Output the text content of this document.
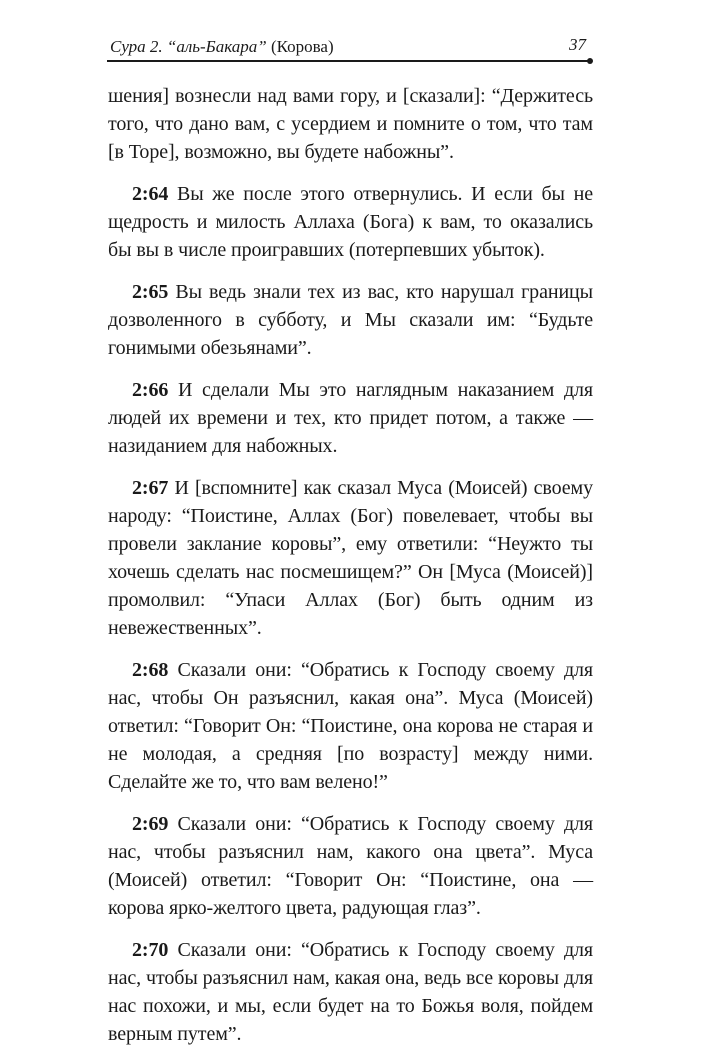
Сура 2. “аль-Бакара” (Корова)	37

шения] вознесли над вами гору, и [сказали]: “Держитесь того, что дано вам, с усердием и помните о том, что там [в Торе], возможно, вы будете набожны”.

2:64 Вы же после этого отвернулись. И если бы не щедрость и милость Аллаха (Бога) к вам, то оказались бы вы в числе проигравших (потерпевших убыток).

2:65 Вы ведь знали тех из вас, кто нарушал границы дозволенного в субботу, и Мы сказали им: “Будьте гонимыми обезьянами”.

2:66 И сделали Мы это наглядным наказанием для людей их времени и тех, кто придет потом, а также — назиданием для набожных.

2:67 И [вспомните] как сказал Муса (Моисей) своему народу: “Поистине, Аллах (Бог) повелевает, чтобы вы провели заклание коровы”, ему ответили: “Неужто ты хочешь сделать нас посмешищем?” Он [Муса (Моисей)] промолвил: “Упаси Аллах (Бог) быть одним из невежественных”.

2:68 Сказали они: “Обратись к Господу своему для нас, чтобы Он разъяснил, какая она”. Муса (Моисей) ответил: “Говорит Он: “Поистине, она корова не старая и не молодая, а средняя [по возрасту] между ними. Сделайте же то, что вам велено!”

2:69 Сказали они: “Обратись к Господу своему для нас, чтобы разъяснил нам, какого она цвета”. Муса (Моисей) ответил: “Говорит Он: “Поистине, она — корова ярко-желтого цвета, радующая глаз”.

2:70 Сказали они: “Обратись к Господу своему для нас, чтобы разъяснил нам, какая она, ведь все коровы для нас похожи, и мы, если будет на то Божья воля, пойдем верным путем”.
